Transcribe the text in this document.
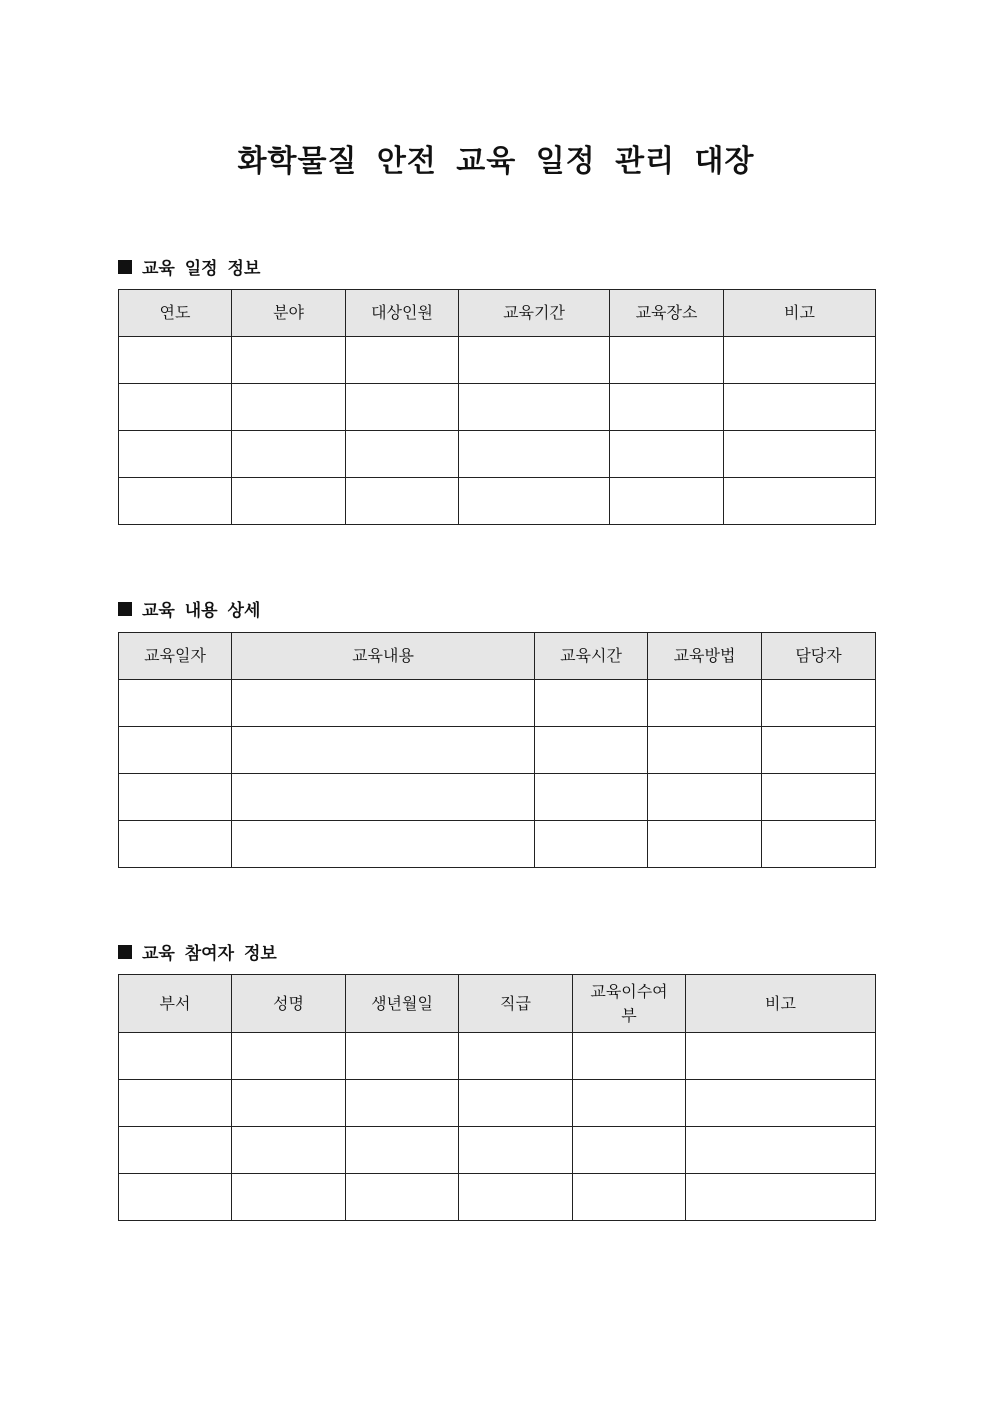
화학물질 안전 교육 일정 관리 대장
교육 일정 정보
연도	분야	대상인원	교육기간	교육장소	비고

교육 내용 상세
교육일자	교육내용	교육시간	교육방법	담당자

교육 참여자 정보
부서	성명	생년월일	직급	교육이수여부	비고
